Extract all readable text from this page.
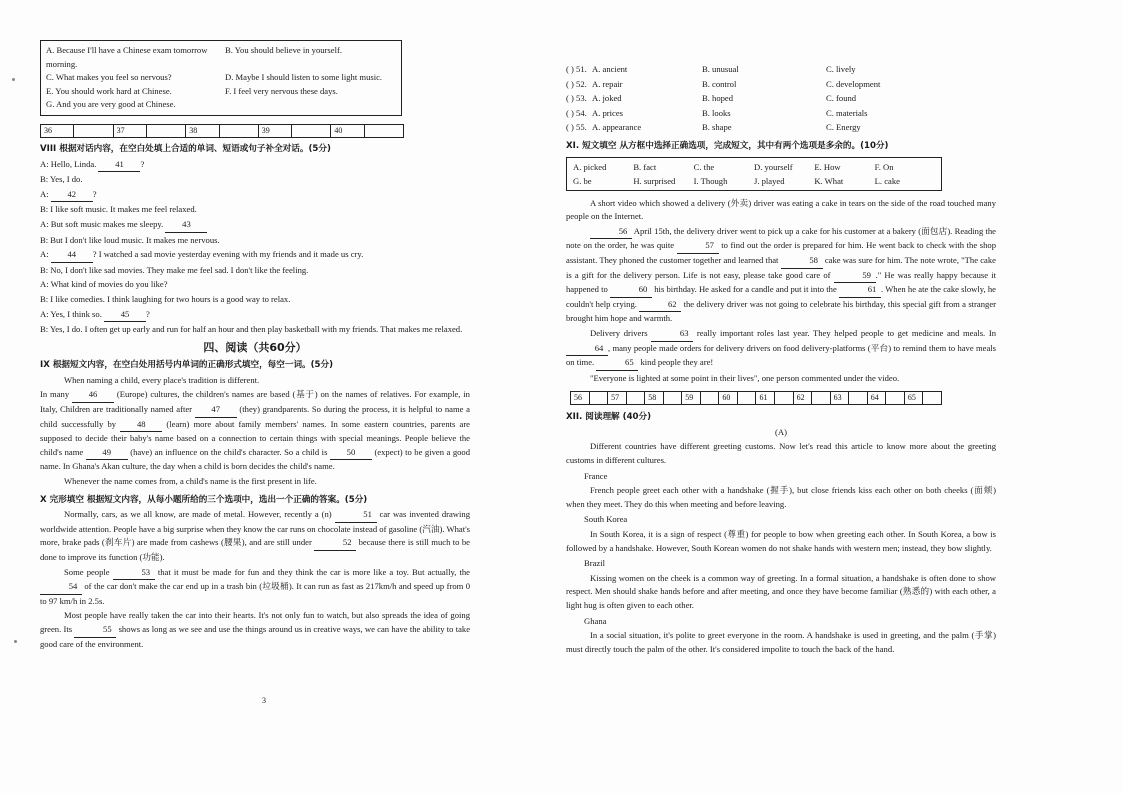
A. Because I'll have a Chinese exam tomorrow morning.
B. You should believe in yourself.
C. What makes you feel so nervous?	D. Maybe I should listen to some light music.
E. You should work hard at Chinese.	F. I feel very nervous these days.
G. And you are very good at Chinese.
36	37	38	39	40
VIII 根据对话内容，在空白处填上合适的单词、短语或句子补全对话。(5分)
A: Hello, Linda. 41 ?
B: Yes, I do.
A: 42 ?
B: I like soft music. It makes me feel relaxed.
A: But soft music makes me sleepy. 43
B: But I don't like loud music. It makes me nervous.
A: 44 ? I watched a sad movie yesterday evening with my friends and it made us cry.
B: No, I don't like sad movies. They make me feel sad. I don't like the feeling.
A: What kind of movies do you like?
B: I like comedies. I think laughing for two hours is a good way to relax.
A: Yes, I think so. 45 ?
B: Yes, I do. I often get up early and run for half an hour and then play basketball with my friends. That makes me relaxed.
四、阅读（共60分）
IX 根据短文内容，在空白处用括号内单词的正确形式填空，每空一词。(5分)
When naming a child, every place's tradition is different.
In many 46 (Europe) cultures, the children's names are based (基于) on the names of relatives. For example, in Italy, Children are traditionally named after 47 (they) grandparents. So during the process, it is helpful to name a child successfully by 48 (learn) more about family members' names. In some eastern countries, parents are supposed to decide their baby's name based on a connection to certain things with special meanings. People believe the child's name 49 (have) an influence on the child's character. So a child is 50 (expect) to be given a good name. In Ghana's Akan culture, the day when a child is born decides the child's name.
Whenever the name comes from, a child's name is the first present in life.
X 完形填空 根据短文内容，从每小题所给的三个选项中，选出一个正确的答案。(5分)
Normally, cars, as we all know, are made of metal. However, recently a (n)	51 car was invented drawing worldwide attention. People have a big surprise when they know the car runs on chocolate instead of gasoline (汽油). What's more, brake pads (刹车片) are made from cashews (腰果), and are still under	52 because there is still much to be done to improve its function (功能).
Some people	53 that it must be made for fun and they think the car is more like a toy. But actually, the 54 of the car don't make the car end up in a trash bin (垃圾桶). It can run as fast as 217km/h and speed up from 0 to 97 km/h in 2.5s.
Most people have really taken the car into their hearts. It's not only fun to watch, but also spreads the idea of going green. Its	55 shows as long as we see and use the things around us in creative ways, we can have the ability to take good care of the environment.
3
( ) 51. A. ancient	B. unusual	C. lively
( ) 52. A. repair	B. control	C. development
( ) 53. A. joked	B. hoped	C. found
( ) 54. A. prices	B. looks	C. materials
( ) 55. A. appearance	B. shape	C. Energy
XI. 短文填空 从方框中选择正确选项，完成短文，其中有两个选项是多余的。(10分)
A. picked	B. fact	C. the	D. yourself	E. How	F. On
G. be	H. surprised	I. Though	J. played	K. What	L. cake
A short video which showed a delivery (外卖) driver was eating a cake in tears on the side of the road touched many people on the Internet.
56 April 15th, the delivery driver went to pick up a cake for his customer at a bakery (面包店). Reading the note on the order, he was quite	57 to find out the order is prepared for him. He went back to check with the shop assistant. They phoned the customer together and learned that	58 cake was sure for him. The note wrote, "The cake is a gift for the delivery person. Life is not easy, please take good care of	59 ." He was really happy because it happened to	60 his birthday. He asked for a candle and put it into the	61 . When he ate the cake slowly, he couldn't help crying.	62 the delivery driver was not going to celebrate his birthday, this special gift from a stranger brought him hope and warmth.
Delivery drivers	63 really important roles last year. They helped people to get medicine and meals. In 64 , many people made orders for delivery drivers on food delivery-platforms (平台) to remind them to have meals on time.	65 kind people they are!
"Everyone is lighted at some point in their lives", one person commented under the video.
56	57	58	59	60	61	62	63	64	65
XII. 阅读理解 (40分)
(A)
Different countries have different greeting customs. Now let's read this article to know more about the greeting customs in different cultures.
France
French people greet each other with a handshake (握手), but close friends kiss each other on both cheeks (面颊) when they meet. They do this when meeting and before leaving.
South Korea
In South Korea, it is a sign of respect (尊重) for people to bow when greeting each other. In South Korea, a bow is followed by a handshake. However, South Korean women do not shake hands with western men; instead, they bow slightly.
Brazil
Kissing women on the cheek is a common way of greeting. In a formal situation, a handshake is often done to show respect. Men should shake hands before and after meeting, and once they have become familiar (熟悉的) with each other, a light hug is often given to each other.
Ghana
In a social situation, it's polite to greet everyone in the room. A handshake is used in greeting, and the palm (手掌) must directly touch the palm of the other. It's considered impolite to touch the back of the hand.
